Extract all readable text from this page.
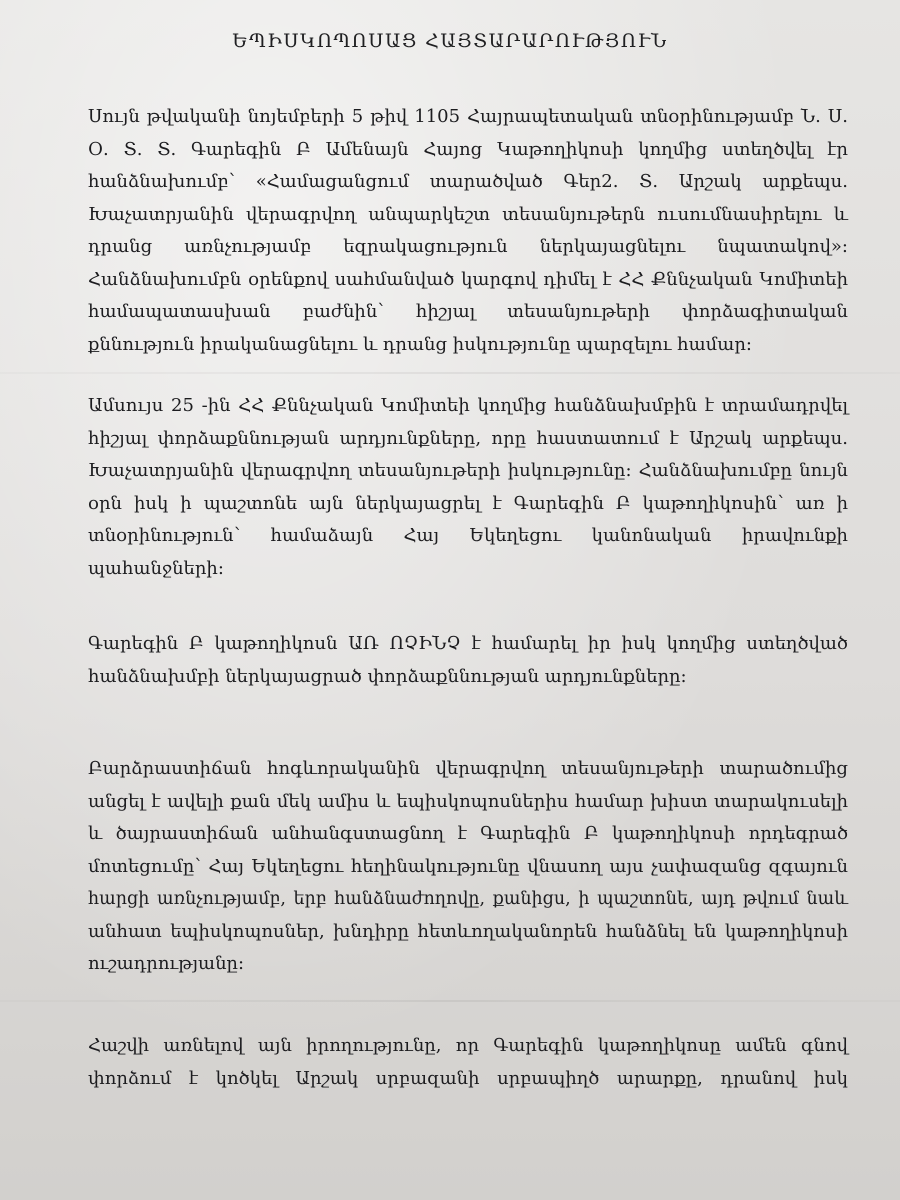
ԵՊԻՍԿՈՊՈՍԱՑ ՀԱՅՏԱՐԱՐՈՒԹՅՈՒՆ
Սույն թվականի նոյեմբերի 5 թիվ 1105 Հայրապետական տնօրինությամբ Ն. Ս.
Օ. Տ. Տ. Գարեգին Բ Ամենայն Հայոց Կաթողիկոսի կողմից ստեղծվել էր
հանձնախումբ՝ «Համացանցում տարածված Գեր2. Տ. Արշակ արքեպս.
Խաչատրյանին վերագրվող անպարկեշտ տեսանյութերն ուսումնասիրելու և
դրանց առնչությամբ եզրակացություն ներկայացնելու նպատակով»:
Հանձնախումբն օրենքով սահմանված կարգով դիմել է ՀՀ Քննչական Կոմիտեի
համապատասխան բաժնին՝ հիշյալ տեսանյութերի փորձագիտական
քննություն իրականացնելու և դրանց իսկությունը պարզելու համար:
Ամսույս 25 -ին ՀՀ Քննչական Կոմիտեի կողմից հանձնախմբին է տրամադրվել
հիշյալ փորձաքննության արդյունքները, որը հաստատում է Արշակ արքեպս.
Խաչատրյանին վերագրվող տեսանյութերի իսկությունը: Հանձնախումբը նույն
օրն իսկ ի պաշտոնե այն ներկայացրել է Գարեգին Բ կաթողիկոսին՝ առ ի
տնօրինություն՝ համաձայն Հայ Եկեղեցու կանոնական իրավունքի
պահանջների:
Գարեգին Բ կաթողիկոսն ԱՌ ՈՉԻՆՉ է համարել իր իսկ կողմից ստեղծված
հանձնախմբի ներկայացրած փորձաքննության արդյունքները:
Բարձրաստիճան հոգևորականին վերագրվող տեսանյութերի տարածումից
անցել է ավելի քան մեկ ամիս և եպիսկոպոսներիս համար խիստ տարակուսելի
և ծայրաստիճան անհանգստացնող է Գարեգին Բ կաթողիկոսի որդեգրած
մոտեցումը՝ Հայ Եկեղեցու հեղինակությունը վնասող այս չափազանց զգայուն
հարցի առնչությամբ, երբ հանձնաժողովը, քանիցս, ի պաշտոնե, այդ թվում նաև
անհատ եպիսկոպոսներ, խնդիրը հետևողականորեն հանձնել են կաթողիկոսի
ուշադրությանը:
Հաշվի առնելով այն իրողությունը, որ Գարեգին կաթողիկոսը ամեն գնով
փորձում է կոծկել Արշակ սրբազանի սրբապիղծ արարքը, դրանով իսկ
